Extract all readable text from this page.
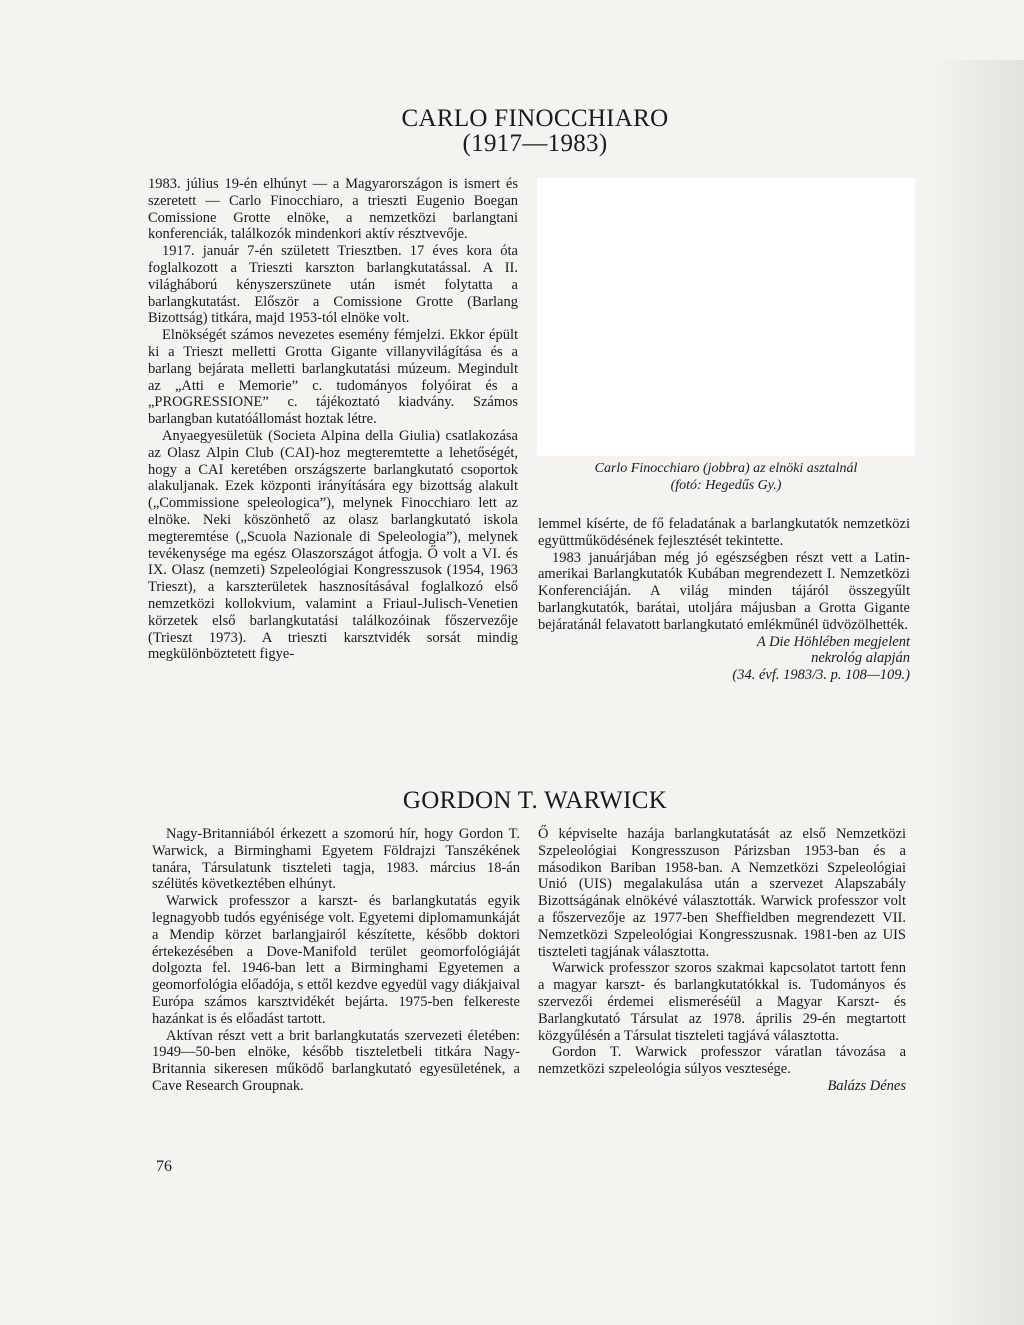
CARLO FINOCCHIARO
(1917—1983)

1983. július 19-én elhúnyt — a Magyarországon is ismert és szeretett — Carlo Finocchiaro, a trieszti Eugenio Boegan Comissione Grotte elnöke, a nemzetközi barlangtani konferenciák, találkozók mindenkori aktív résztvevője.

1917. január 7-én született Triesztben. 17 éves kora óta foglalkozott a Trieszti karszton barlangkutatással. A II. világháború kényszerszünete után ismét folytatta a barlangkutatást. Először a Comissione Grotte (Barlang Bizottság) titkára, majd 1953-tól elnöke volt.

Elnökségét számos nevezetes esemény fémjelzi. Ekkor épült ki a Trieszt melletti Grotta Gigante villanyvilágítása és a barlang bejárata melletti barlangkutatási múzeum. Megindult az „Atti e Memorie” c. tudományos folyóirat és a „PROGRESSIONE” c. tájékoztató kiadvány. Számos barlangban kutatóállomást hoztak létre.

Anyaegyesületük (Societa Alpina della Giulia) csatlakozása az Olasz Alpin Club (CAI)-hoz megteremtette a lehetőségét, hogy a CAI keretében országszerte barlangkutató csoportok alakuljanak. Ezek központi irányítására egy bizottság alakult („Commissione speleologica”), melynek Finocchiaro lett az elnöke. Neki köszönhető az olasz barlangkutató iskola megteremtése („Scuola Nazionale di Speleologia”), melynek tevékenysége ma egész Olaszországot átfogja. Ő volt a VI. és IX. Olasz (nemzeti) Szpeleológiai Kongresszusok (1954, 1963 Trieszt), a karszterületek hasznosításával foglalkozó első nemzetközi kollokvium, valamint a Friaul-Julisch-Venetien körzetek első barlangkutatási találkozóinak főszervezője (Trieszt 1973). A trieszti karsztvidék sorsát mindig megkülönböztetett figye-

Carlo Finocchiaro (jobbra) az elnöki asztalnál
(fotó: Hegedűs Gy.)

lemmel kísérte, de fő feladatának a barlangkutatók nemzetközi együttműködésének fejlesztését tekintette.

1983 januárjában még jó egészségben részt vett a Latin-amerikai Barlangkutatók Kubában megrendezett I. Nemzetközi Konferenciáján. A világ minden tájáról összegyűlt barlangkutatók, barátai, utoljára májusban a Grotta Gigante bejáratánál felavatott barlangkutató emlékműnél üdvözölhették.

A Die Höhlében megjelent

nekrológ alapján

(34. évf. 1983/3. p. 108—109.)

GORDON T. WARWICK

Nagy-Britanniából érkezett a szomorú hír, hogy Gordon T. Warwick, a Birminghami Egyetem Földrajzi Tanszékének tanára, Társulatunk tiszteleti tagja, 1983. március 18-án szélütés következtében elhúnyt.

Warwick professzor a karszt- és barlangkutatás egyik legnagyobb tudós egyénisége volt. Egyetemi diplomamunkáját a Mendip körzet barlangjairól készítette, később doktori értekezésében a Dove-Manifold terület geomorfológiáját dolgozta fel. 1946-ban lett a Birminghami Egyetemen a geomorfológia előadója, s ettől kezdve egyedül vagy diákjaival Európa számos karsztvidékét bejárta. 1975-ben felkereste hazánkat is és előadást tartott.

Aktívan részt vett a brit barlangkutatás szervezeti életében: 1949—50-ben elnöke, később tiszteletbeli titkára Nagy-Britannia sikeresen működő barlangkutató egyesületének, a Cave Research Groupnak.

Ő képviselte hazája barlangkutatását az első Nemzetközi Szpeleológiai Kongresszuson Párizsban 1953-ban és a másodikon Bariban 1958-ban. A Nemzetközi Szpeleológiai Unió (UIS) megalakulása után a szervezet Alapszabály Bizottságának elnökévé választották. Warwick professzor volt a főszervezője az 1977-ben Sheffieldben megrendezett VII. Nemzetközi Szpeleológiai Kongresszusnak. 1981-ben az UIS tiszteleti tagjának választotta.

Warwick professzor szoros szakmai kapcsolatot tartott fenn a magyar karszt- és barlangkutatókkal is. Tudományos és szervezői érdemei elismeréséül a Magyar Karszt- és Barlangkutató Társulat az 1978. április 29-én megtartott közgyűlésén a Társulat tiszteleti tagjává választotta.

Gordon T. Warwick professzor váratlan távozása a nemzetközi szpeleológia súlyos vesztesége.

Balázs Dénes

76
